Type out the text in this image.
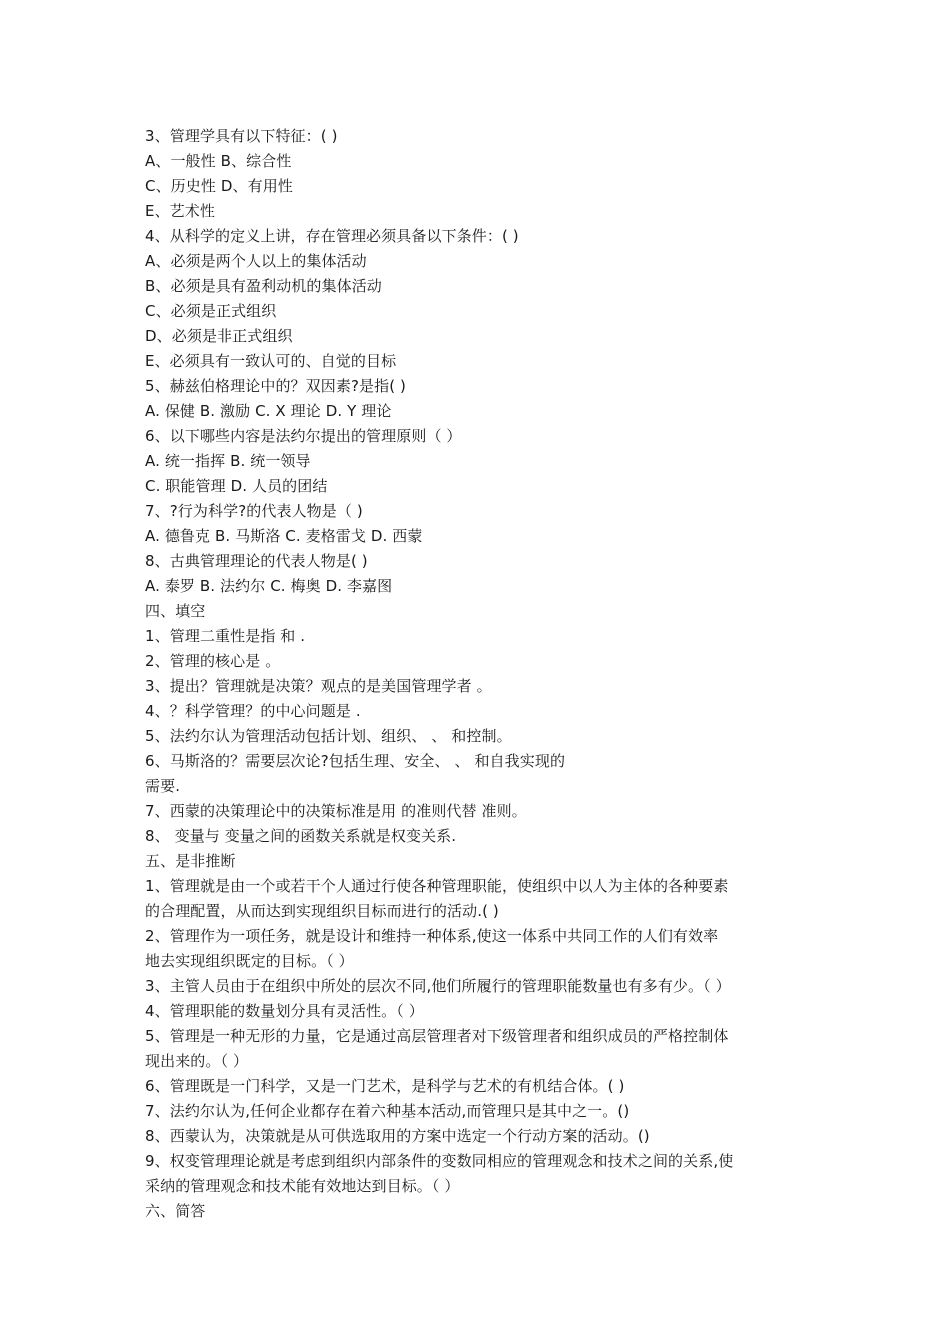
3、管理学具有以下特征：( )
A、一般性 B、综合性
C、历史性 D、有用性
E、艺术性
4、从科学的定义上讲，存在管理必须具备以下条件：( )
A、必须是两个人以上的集体活动
B、必须是具有盈利动机的集体活动
C、必须是正式组织
D、必须是非正式组织
E、必须具有一致认可的、自觉的目标
5、赫兹伯格理论中的？双因素?是指( )
A. 保健 B. 激励 C. X 理论 D. Y 理论
6、以下哪些内容是法约尔提出的管理原则（ ）
A. 统一指挥 B. 统一领导
C. 职能管理 D. 人员的团结
7、?行为科学?的代表人物是（ )
A. 德鲁克 B. 马斯洛 C. 麦格雷戈 D. 西蒙
8、古典管理理论的代表人物是( )
A. 泰罗 B. 法约尔 C. 梅奥 D. 李嘉图
四、填空
1、管理二重性是指 和 .
2、管理的核心是 。
3、提出？管理就是决策？观点的是美国管理学者 。
4、？科学管理？的中心问题是 .
5、法约尔认为管理活动包括计划、组织、 、 和控制。
6、马斯洛的？需要层次论?包括生理、安全、 、 和自我实现的
需要.
7、西蒙的决策理论中的决策标准是用 的准则代替 准则。
8、 变量与 变量之间的函数关系就是权变关系.
五、是非推断
1、管理就是由一个或若干个人通过行使各种管理职能，使组织中以人为主体的各种要素
的合理配置，从而达到实现组织目标而进行的活动.( )
2、管理作为一项任务，就是设计和维持一种体系,使这一体系中共同工作的人们有效率
地去实现组织既定的目标。（ ）
3、主管人员由于在组织中所处的层次不同,他们所履行的管理职能数量也有多有少。（ ）
4、管理职能的数量划分具有灵活性。（ ）
5、管理是一种无形的力量，它是通过高层管理者对下级管理者和组织成员的严格控制体
现出来的。（ ）
6、管理既是一门科学，又是一门艺术，是科学与艺术的有机结合体。( )
7、法约尔认为,任何企业都存在着六种基本活动,而管理只是其中之一。()
8、西蒙认为，决策就是从可供选取用的方案中选定一个行动方案的活动。()
9、权变管理理论就是考虑到组织内部条件的变数同相应的管理观念和技术之间的关系,使
采纳的管理观念和技术能有效地达到目标。（ ）
六、简答
